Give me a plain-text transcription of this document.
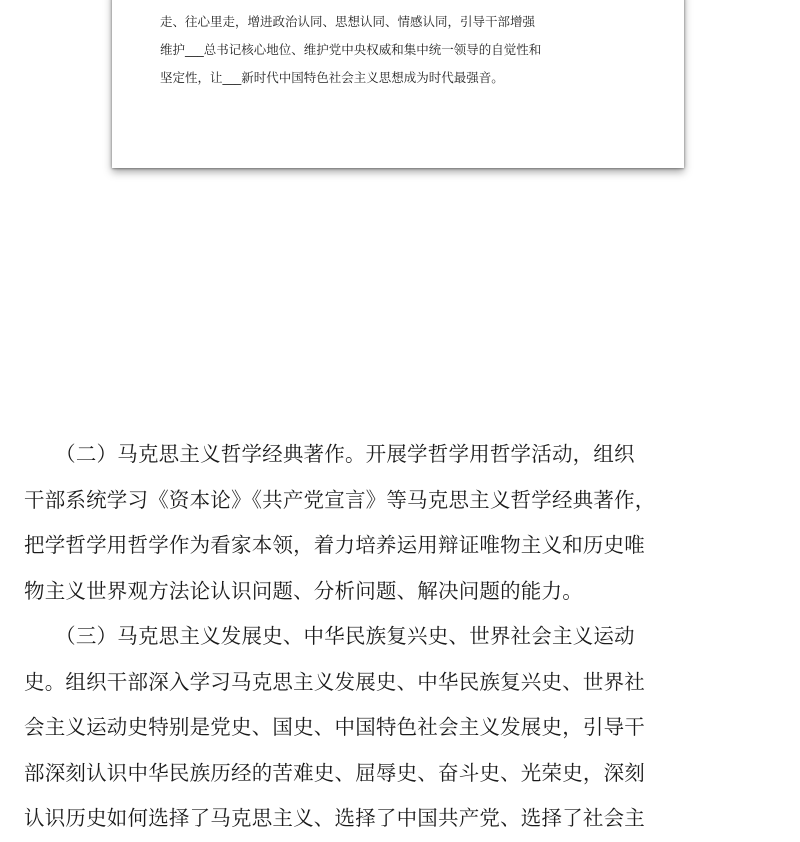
走、往心里走，增进政治认同、思想认同、情感认同，引导干部增强
维护___总书记核心地位、维护党中央权威和集中统一领导的自觉性和
坚定性，让___新时代中国特色社会主义思想成为时代最强音。
　　（二）马克思主义哲学经典著作。开展学哲学用哲学活动，组织
干部系统学习《资本论》《共产党宣言》等马克思主义哲学经典著作，
把学哲学用哲学作为看家本领，着力培养运用辩证唯物主义和历史唯
物主义世界观方法论认识问题、分析问题、解决问题的能力。
　　（三）马克思主义发展史、中华民族复兴史、世界社会主义运动
史。组织干部深入学习马克思主义发展史、中华民族复兴史、世界社
会主义运动史特别是党史、国史、中国特色社会主义发展史，引导干
部深刻认识中华民族历经的苦难史、屈辱史、奋斗史、光荣史，深刻
认识历史如何选择了马克思主义、选择了中国共产党、选择了社会主
